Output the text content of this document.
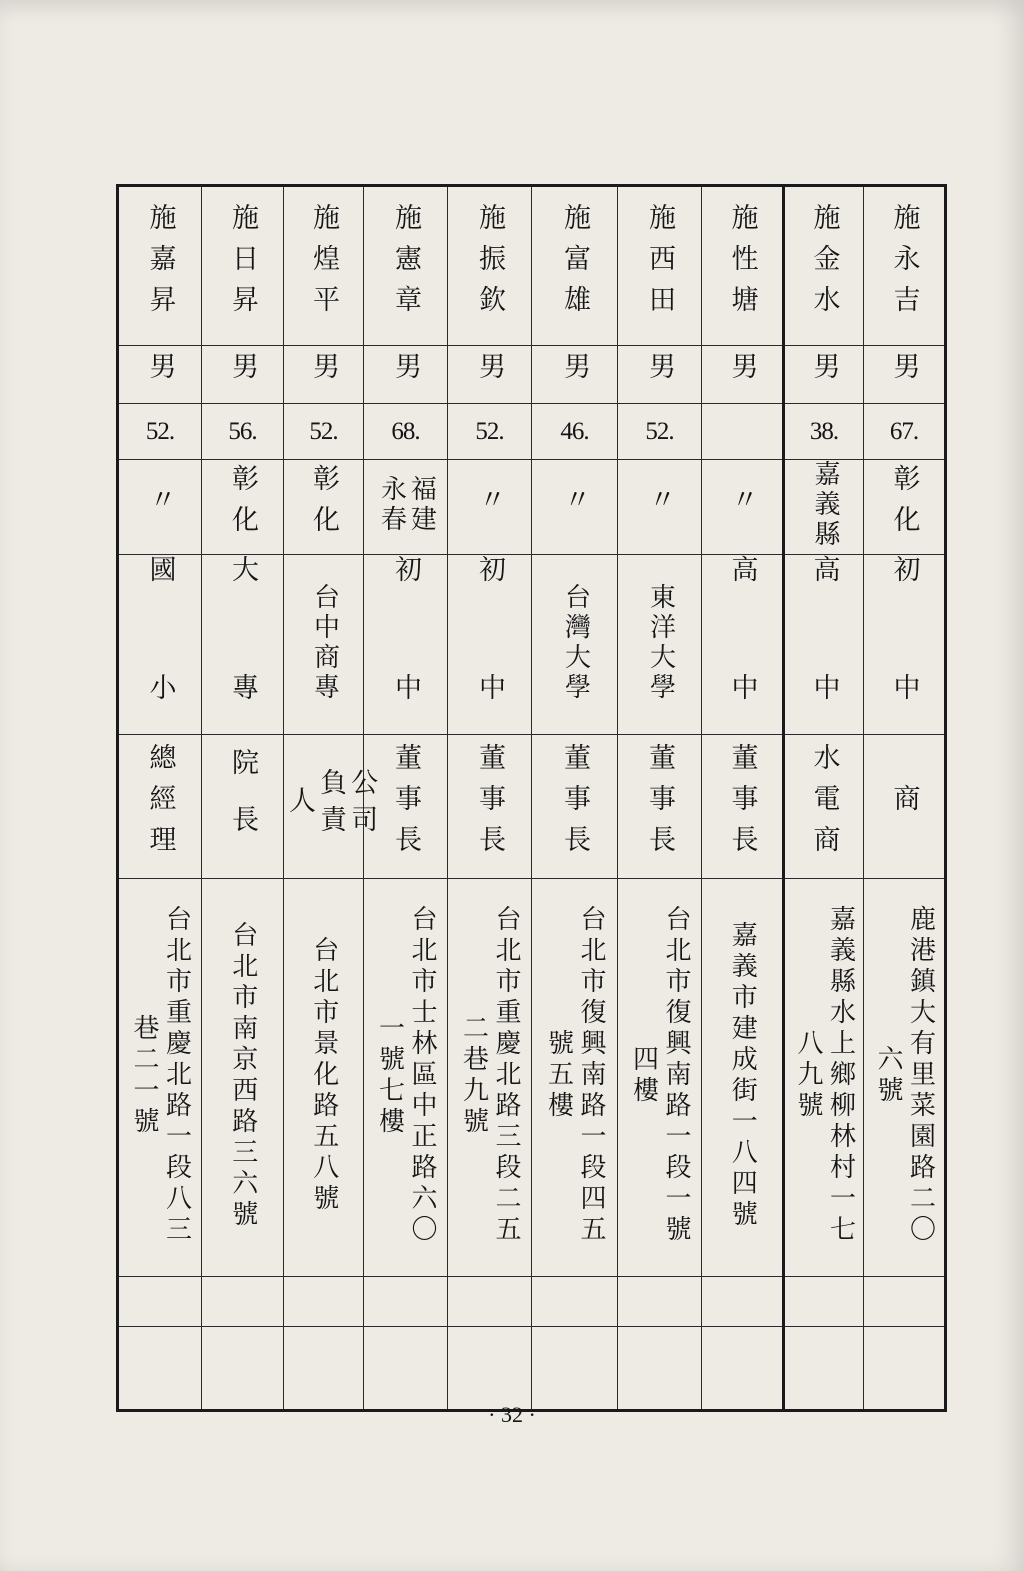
施嘉昇	施日昇	施煌平	施憲章	施振欽	施富雄	施西田	施性塘	施金水	施永吉
男	男	男	男	男	男	男	男	男	男
52.	56.	52.	68.	52.	46.	52.		38.	67.
〃	彰化	彰化	福建永春	〃	〃	〃	〃	嘉義縣	彰化
國 小	大 專	台中商專	初 中	初 中	台灣大學	東洋大學	高 中	高 中	初 中
總經理	院長	公司負責人	董事長	董事長	董事長	董事長	董事長	水電商	商
台北市重慶北路一段八三巷二一號	台北市南京西路三六號	台北市景化路五八號	台北市士林區中正路六〇一號七樓	台北市重慶北路三段二五二巷九號	台北市復興南路一段四五號五樓	台北市復興南路一段一號四樓	嘉義市建成街一八四號	嘉義縣水上鄉柳林村一七八九號	鹿港鎮大有里菜園路二〇六號

· 32 ·
